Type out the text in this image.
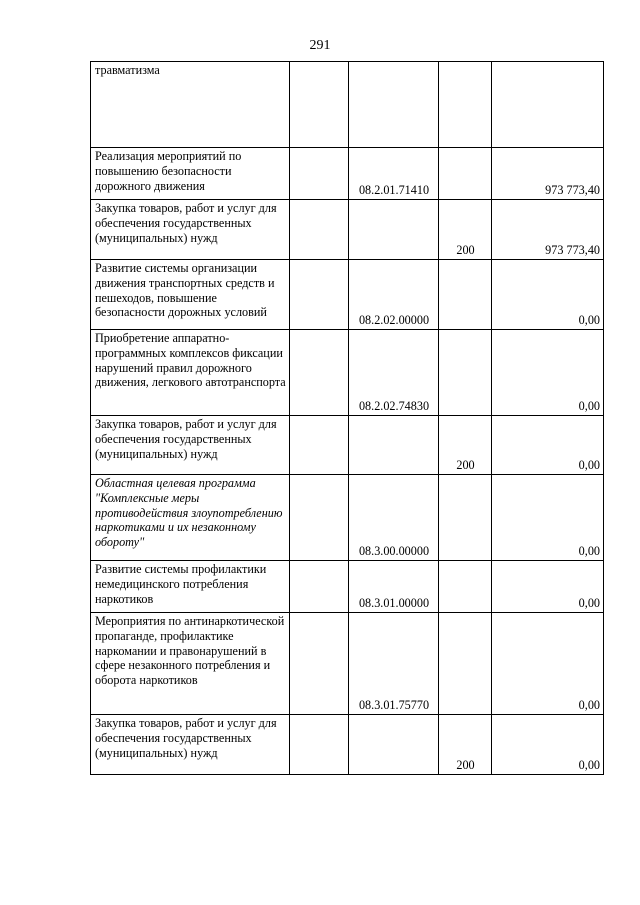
291
травматизма				
Реализация мероприятий по повышению безопасности дорожного движения		08.2.01.71410		973 773,40
Закупка товаров, работ и услуг для обеспечения государственных (муниципальных) нужд			200	973 773,40
Развитие системы организации движения транспортных средств и пешеходов, повышение безопасности дорожных условий		08.2.02.00000		0,00
Приобретение аппаратно-программных комплексов фиксации нарушений правил дорожного движения, легкового автотранспорта		08.2.02.74830		0,00
Закупка товаров, работ и услуг для обеспечения государственных (муниципальных) нужд			200	0,00
Областная целевая программа "Комплексные меры противодействия злоупотреблению наркотиками и их незаконному обороту"		08.3.00.00000		0,00
Развитие системы профилактики немедицинского потребления наркотиков		08.3.01.00000		0,00
Мероприятия по антинаркотической пропаганде, профилактике наркомании и правонарушений в сфере незаконного потребления и оборота наркотиков		08.3.01.75770		0,00
Закупка товаров, работ и услуг для обеспечения государственных (муниципальных) нужд			200	0,00
